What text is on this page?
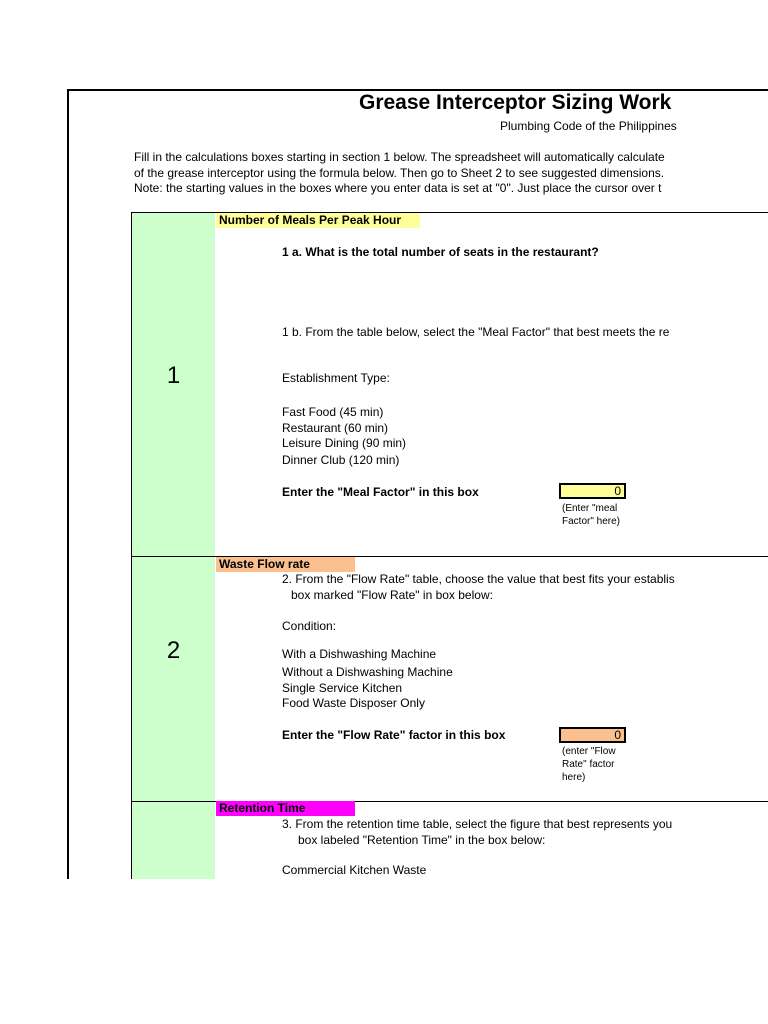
Grease Interceptor Sizing Work
Plumbing Code of the Philippines
Fill in the calculations boxes starting in section 1 below. The spreadsheet will automatically calculate
of the grease interceptor using the formula below. Then go to Sheet 2 to see suggested dimensions.
Note: the starting values in the boxes where you enter data is set at "0". Just place the cursor over t
1
Number of Meals Per Peak Hour
1 a. What is the total number of seats in the restaurant?
1 b. From the table below, select the "Meal Factor" that best meets the re
Establishment Type:
Fast Food (45 min)
Restaurant (60 min)
Leisure Dining (90 min)
Dinner Club (120 min)
Enter the "Meal Factor" in this box	0
(Enter "meal
Factor" here)
2
Waste Flow rate
2. From the "Flow Rate" table, choose the value that best fits your establis
box marked "Flow Rate" in box below:
Condition:
With a Dishwashing Machine
Without a Dishwashing Machine
Single Service Kitchen
Food Waste Disposer Only
Enter the "Flow Rate" factor in this box	0
(enter "Flow
Rate" factor
here)
Retention Time
3. From the retention time table, select the figure that best represents you
box labeled "Retention Time" in the box below:
Commercial Kitchen Waste
